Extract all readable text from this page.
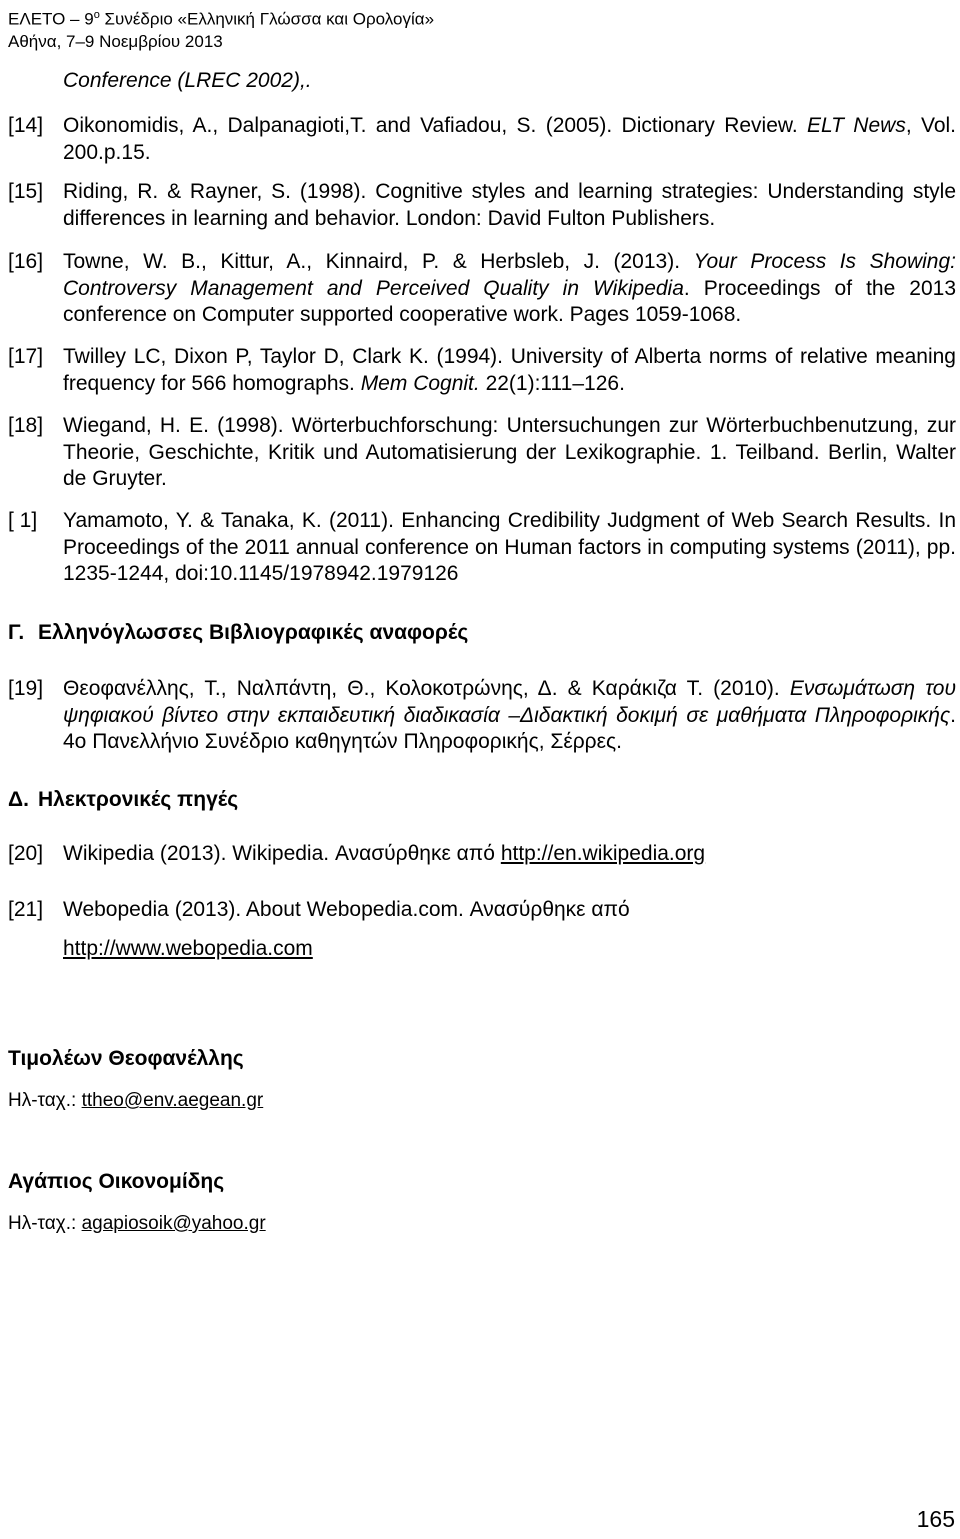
ΕΛΕΤΟ – $9^o$ Συνέδριο «Ελληνική Γλώσσα και Ορολογία»
Αθήνα, 7–9 Νοεμβρίου 2013
Conference (LREC 2002),.
[14] Oikonomidis, A., Dalpanagioti,T. and Vafiadou, S. (2005). Dictionary Review. ELT News, Vol. 200.p.15.
[15] Riding, R. & Rayner, S. (1998). Cognitive styles and learning strategies: Understanding style differences in learning and behavior. London: David Fulton Publishers.
[16] Towne, W. B., Kittur, A., Kinnaird, P. & Herbsleb, J. (2013). Your Process Is Showing: Controversy Management and Perceived Quality in Wikipedia. Proceedings of the 2013 conference on Computer supported cooperative work. Pages 1059-1068.
[17] Twilley LC, Dixon P, Taylor D, Clark K. (1994). University of Alberta norms of relative meaning frequency for 566 homographs. Mem Cognit. 22(1):111–126.
[18] Wiegand, H. E. (1998). Wörterbuchforschung: Untersuchungen zur Wörterbuchbenutzung, zur Theorie, Geschichte, Kritik und Automatisierung der Lexikographie. 1. Teilband. Berlin, Walter de Gruyter.
[ 1] Yamamoto, Y. & Tanaka, K. (2011). Enhancing Credibility Judgment of Web Search Results. In Proceedings of the 2011 annual conference on Human factors in computing systems (2011), pp. 1235-1244, doi:10.1145/1978942.1979126
Γ. Ελληνόγλωσσες Βιβλιογραφικές αναφορές
[19] Θεοφανέλλης, Τ., Ναλπάντη, Θ., Κολοκοτρώνης, Δ. & Καράκιζα Τ. (2010). Ενσωμάτωση του ψηφιακού βίντεο στην εκπαιδευτική διαδικασία –Διδακτική δοκιμή σε μαθήματα Πληροφορικής. 4ο Πανελλήνιο Συνέδριο καθηγητών Πληροφορικής, Σέρρες.
Δ. Ηλεκτρονικές πηγές
[20] Wikipedia (2013). Wikipedia. Ανασύρθηκε από http://en.wikipedia.org
[21] Webopedia (2013). About Webopedia.com. Ανασύρθηκε από
http://www.webopedia.com
Τιμολέων Θεοφανέλλης
Ηλ-ταχ.: ttheo@env.aegean.gr
Αγάπιος Οικονομίδης
Ηλ-ταχ.: agapiosoik@yahoo.gr
165
